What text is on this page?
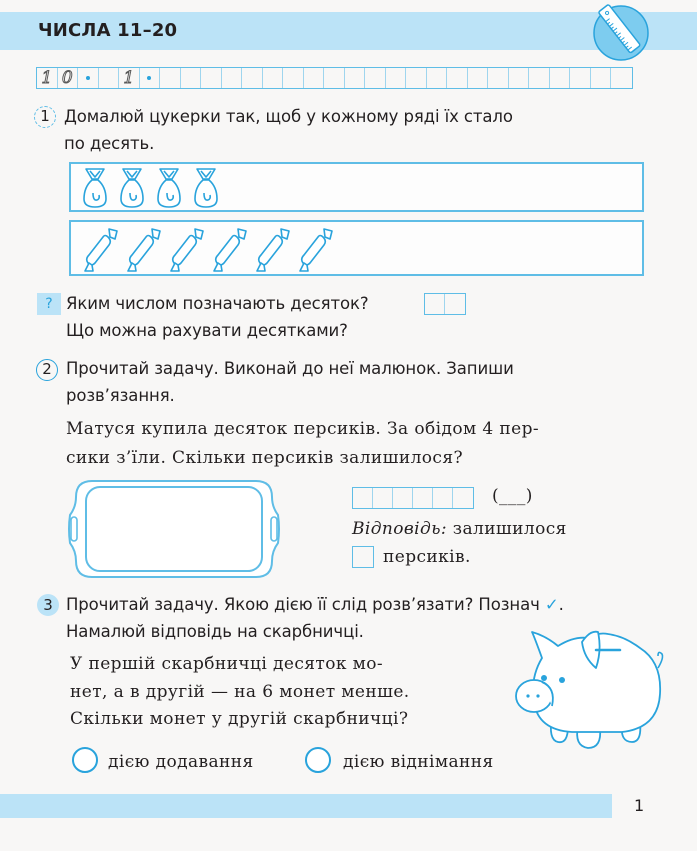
ЧИСЛА 11–20
1 0	1
1 Домалюй цукерки так, щоб у кожному ряді їх стало
по десять.
? Яким числом позначають десяток?
Що можна рахувати десятками?
2 Прочитай задачу. Виконай до неї малюнок. Запиши
розв’язання.
Матуся купила десяток персиків. За обідом 4 пер-
сики з’їли. Скільки персиків залишилося?
(___)
Відповідь: залишилося
персиків.
3 Прочитай задачу. Якою дією її слід розв’язати? Познач ✓.
Намалюй відповідь на скарбничці.
У першій скарбничці десяток мо-
нет, а в другій — на 6 монет менше.
Скільки монет у другій скарбничці?
дією додавання	дією віднімання
1
